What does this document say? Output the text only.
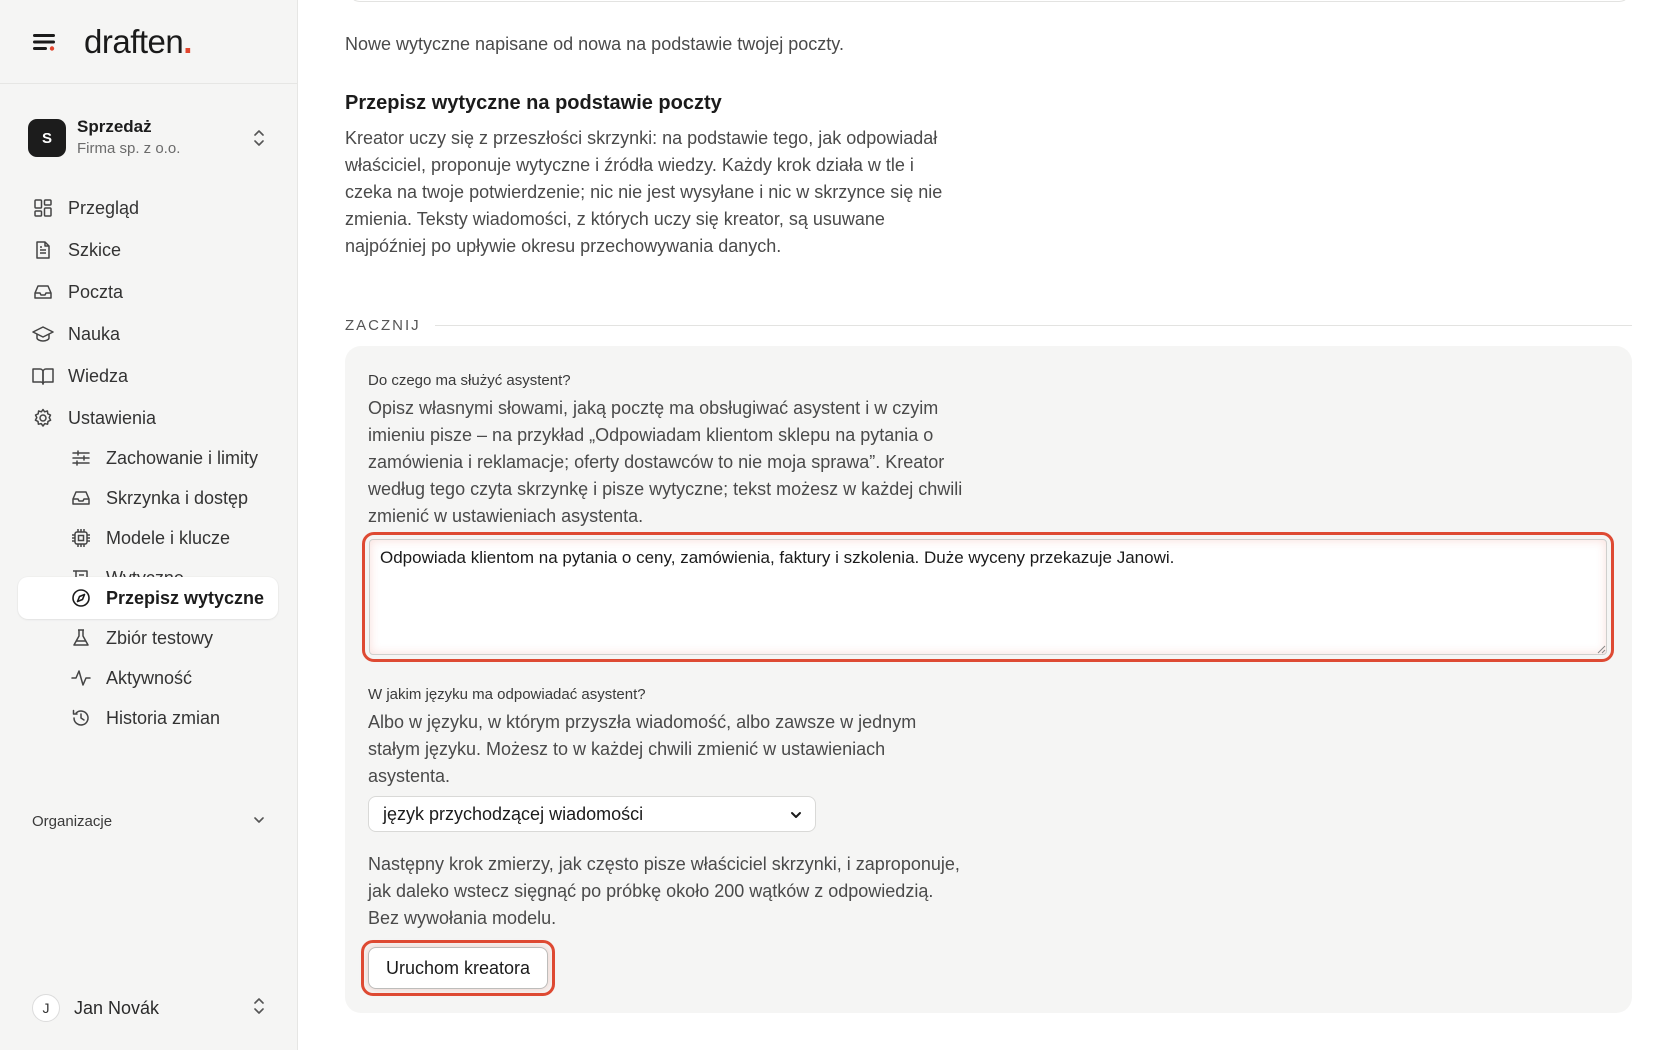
draften .
S
Sprzedaż
Firma sp. z o.o.
Przegląd
Szkice
Poczta
Nauka
Wiedza
Ustawienia
Zachowanie i limity
Skrzynka i dostęp
Modele i klucze
Przepisz wytyczne
Zbiór testowy
Aktywność
Historia zmian
Organizacje
J	Jan Novák

Nowe wytyczne napisane od nowa na podstawie twojej poczty.

Przepisz wytyczne na podstawie poczty

Kreator uczy się z przeszłości skrzynki: na podstawie tego, jak odpowiadał właściciel, proponuje wytyczne i źródła wiedzy. Każdy krok działa w tle i czeka na twoje potwierdzenie; nic nie jest wysyłane i nic w skrzynce się nie zmienia. Teksty wiadomości, z których uczy się kreator, są usuwane najpóźniej po upływie okresu przechowywania danych.

ZACZNIJ
Do czego ma służyć asystent?

Opisz własnymi słowami, jaką pocztę ma obsługiwać asystent i w czyim imieniu pisze – na przykład „Odpowiadam klientom sklepu na pytania o zamówienia i reklamacje; oferty dostawców to nie moja sprawa”. Kreator według tego czyta skrzynkę i pisze wytyczne; tekst możesz w każdej chwili zmienić w ustawieniach asystenta.

Odpowiada klientom na pytania o ceny, zamówienia, faktury i szkolenia. Duże wyceny przekazuje Janowi.
W jakim języku ma odpowiadać asystent?

Albo w języku, w którym przyszła wiadomość, albo zawsze w jednym stałym języku. Możesz to w każdej chwili zmienić w ustawieniach asystenta.

język przychodzącej wiadomości

Następny krok zmierzy, jak często pisze właściciel skrzynki, i zaproponuje, jak daleko wstecz sięgnąć po próbkę około 200 wątków z odpowiedzią. Bez wywołania modelu.

Uruchom kreatora
